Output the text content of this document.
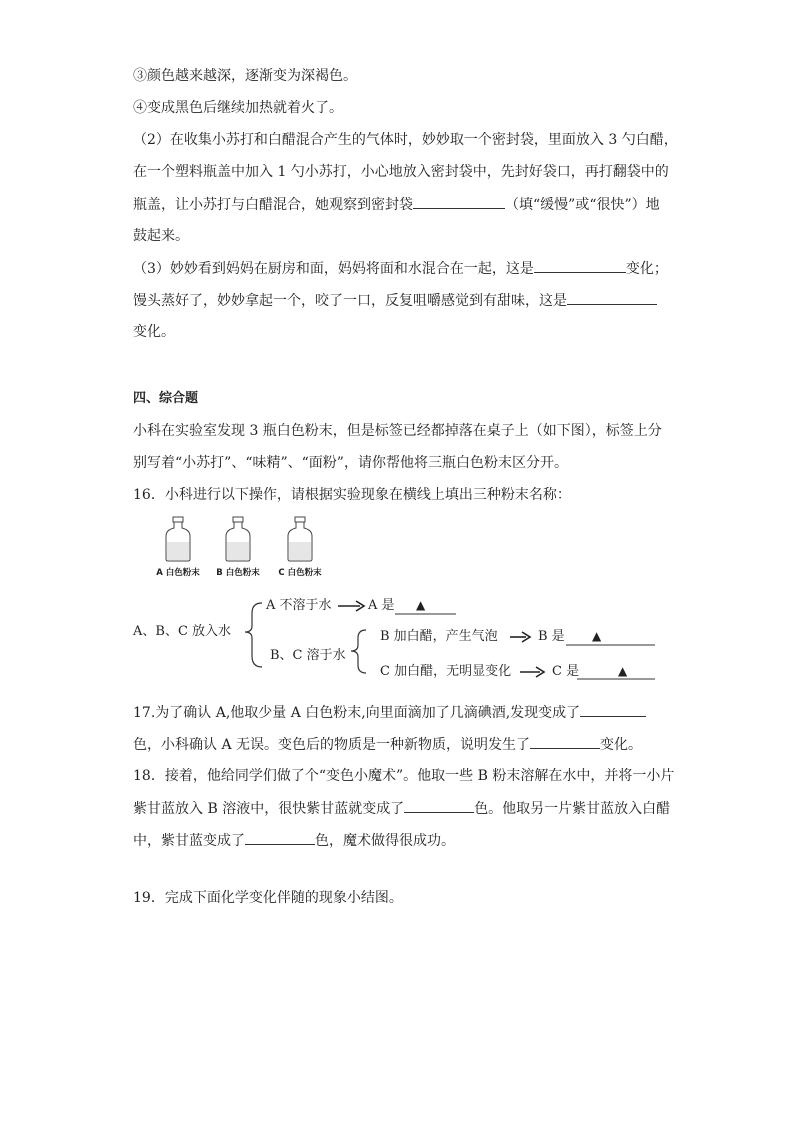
③颜色越来越深，逐渐变为深褐色。
④变成黑色后继续加热就着火了。
（2）在收集小苏打和白醋混合产生的气体时，妙妙取一个密封袋，里面放入 3 勺白醋，
在一个塑料瓶盖中加入 1 勺小苏打，小心地放入密封袋中，先封好袋口，再打翻袋中的
瓶盖，让小苏打与白醋混合，她观察到密封袋	（填“缓慢”或“很快”）地
鼓起来。
（3）妙妙看到妈妈在厨房和面，妈妈将面和水混合在一起，这是	变化；
馒头蒸好了，妙妙拿起一个，咬了一口，反复咀嚼感觉到有甜味，这是
变化。
四、综合题
小科在实验室发现 3 瓶白色粉末，但是标签已经都掉落在桌子上（如下图），标签上分
别写着“小苏打”、“味精”、“面粉”，请你帮他将三瓶白色粉末区分开。
16．小科进行以下操作，请根据实验现象在横线上填出三种粉末名称：
A 白色粉末 B 白色粉末 C 白色粉末
A、B、C 放入水
A 不溶于水	A 是 ▲
B、C 溶于水
B 加白醋，产生气泡	B 是 ▲
C 加白醋，无明显变化	C 是	▲
17.为了确认 A,他取少量 A 白色粉末,向里面滴加了几滴碘酒,发现变成了
色，小科确认 A 无误。变色后的物质是一种新物质，说明发生了	变化。
18．接着，他给同学们做了个“变色小魔术”。他取一些 B 粉末溶解在水中，并将一小片
紫甘蓝放入 B 溶液中，很快紫甘蓝就变成了	色。他取另一片紫甘蓝放入白醋
中，紫甘蓝变成了	色，魔术做得很成功。
19．完成下面化学变化伴随的现象小结图。
